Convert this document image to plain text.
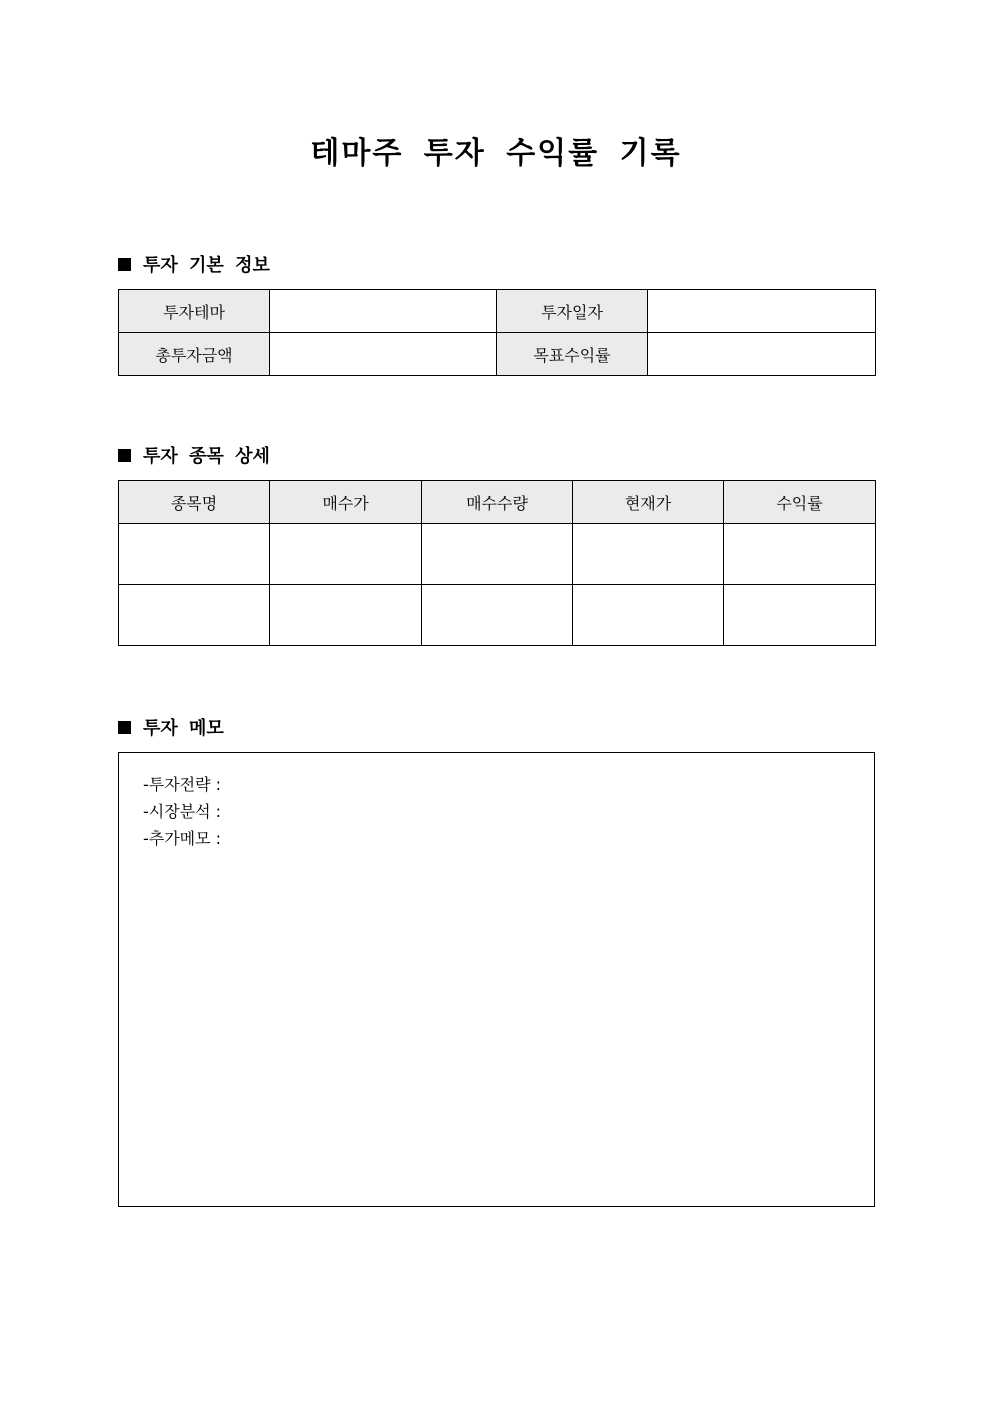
테마주 투자 수익률 기록
투자 기본 정보
투자테마		투자일자	
총투자금액		목표수익률	
투자 종목 상세
종목명	매수가	매수수량	현재가	수익률

투자 메모
-투자전략 :
-시장분석 :
-추가메모 :
